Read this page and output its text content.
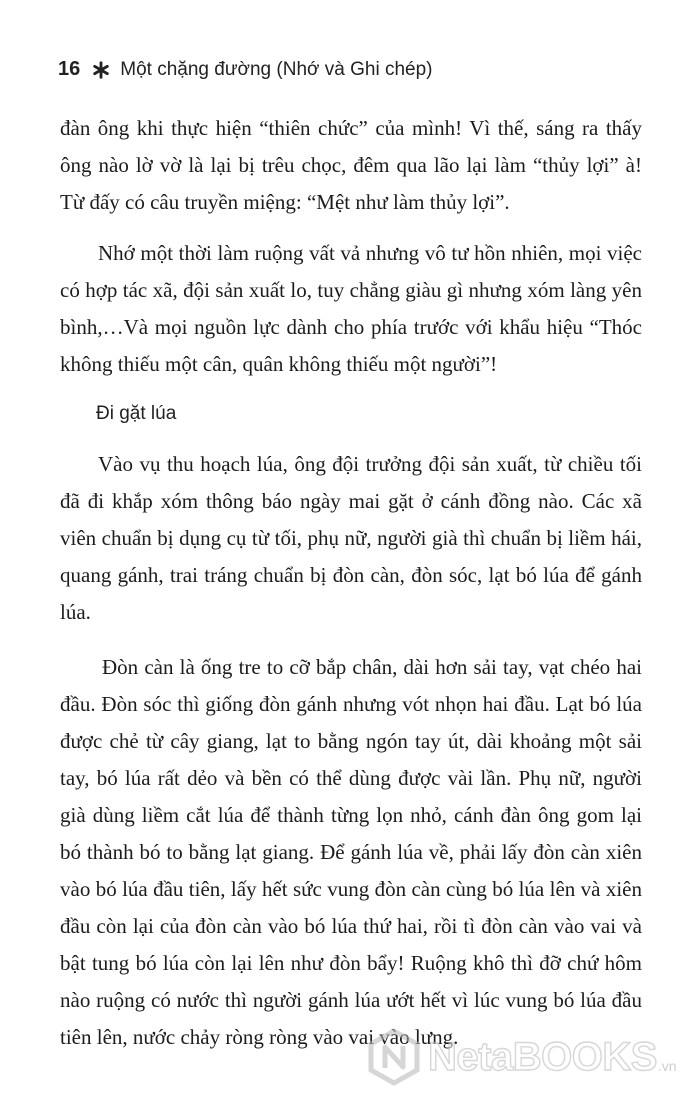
16 Một chặng đường (Nhớ và Ghi chép)

đàn ông khi thực hiện “thiên chức” của mình! Vì thế, sáng ra thấy ông nào lờ vờ là lại bị trêu chọc, đêm qua lão lại làm “thủy lợi” à! Từ đấy có câu truyền miệng: “Mệt như làm thủy lợi”.

Nhớ một thời làm ruộng vất vả nhưng vô tư hồn nhiên, mọi việc có hợp tác xã, đội sản xuất lo, tuy chẳng giàu gì nhưng xóm làng yên bình,…Và mọi nguồn lực dành cho phía trước với khẩu hiệu “Thóc không thiếu một cân, quân không thiếu một người”!

Đi gặt lúa

Vào vụ thu hoạch lúa, ông đội trưởng đội sản xuất, từ chiều tối đã đi khắp xóm thông báo ngày mai gặt ở cánh đồng nào. Các xã viên chuẩn bị dụng cụ từ tối, phụ nữ, người già thì chuẩn bị liềm hái, quang gánh, trai tráng chuẩn bị đòn càn, đòn sóc, lạt bó lúa để gánh lúa.

Đòn càn là ống tre to cỡ bắp chân, dài hơn sải tay, vạt chéo hai đầu. Đòn sóc thì giống đòn gánh nhưng vót nhọn hai đầu. Lạt bó lúa được chẻ từ cây giang, lạt to bằng ngón tay út, dài khoảng một sải tay, bó lúa rất dẻo và bền có thể dùng được vài lần. Phụ nữ, người già dùng liềm cắt lúa để thành từng lọn nhỏ, cánh đàn ông gom lại bó thành bó to bằng lạt giang. Để gánh lúa về, phải lấy đòn càn xiên vào bó lúa đầu tiên, lấy hết sức vung đòn càn cùng bó lúa lên và xiên đầu còn lại của đòn càn vào bó lúa thứ hai, rồi tì đòn càn vào vai và bật tung bó lúa còn lại lên như đòn bẩy! Ruộng khô thì đỡ chứ hôm nào ruộng có nước thì người gánh lúa ướt hết vì lúc vung bó lúa đầu tiên lên, nước chảy ròng ròng vào vai vào lưng.

NetaBOOKS .vn
